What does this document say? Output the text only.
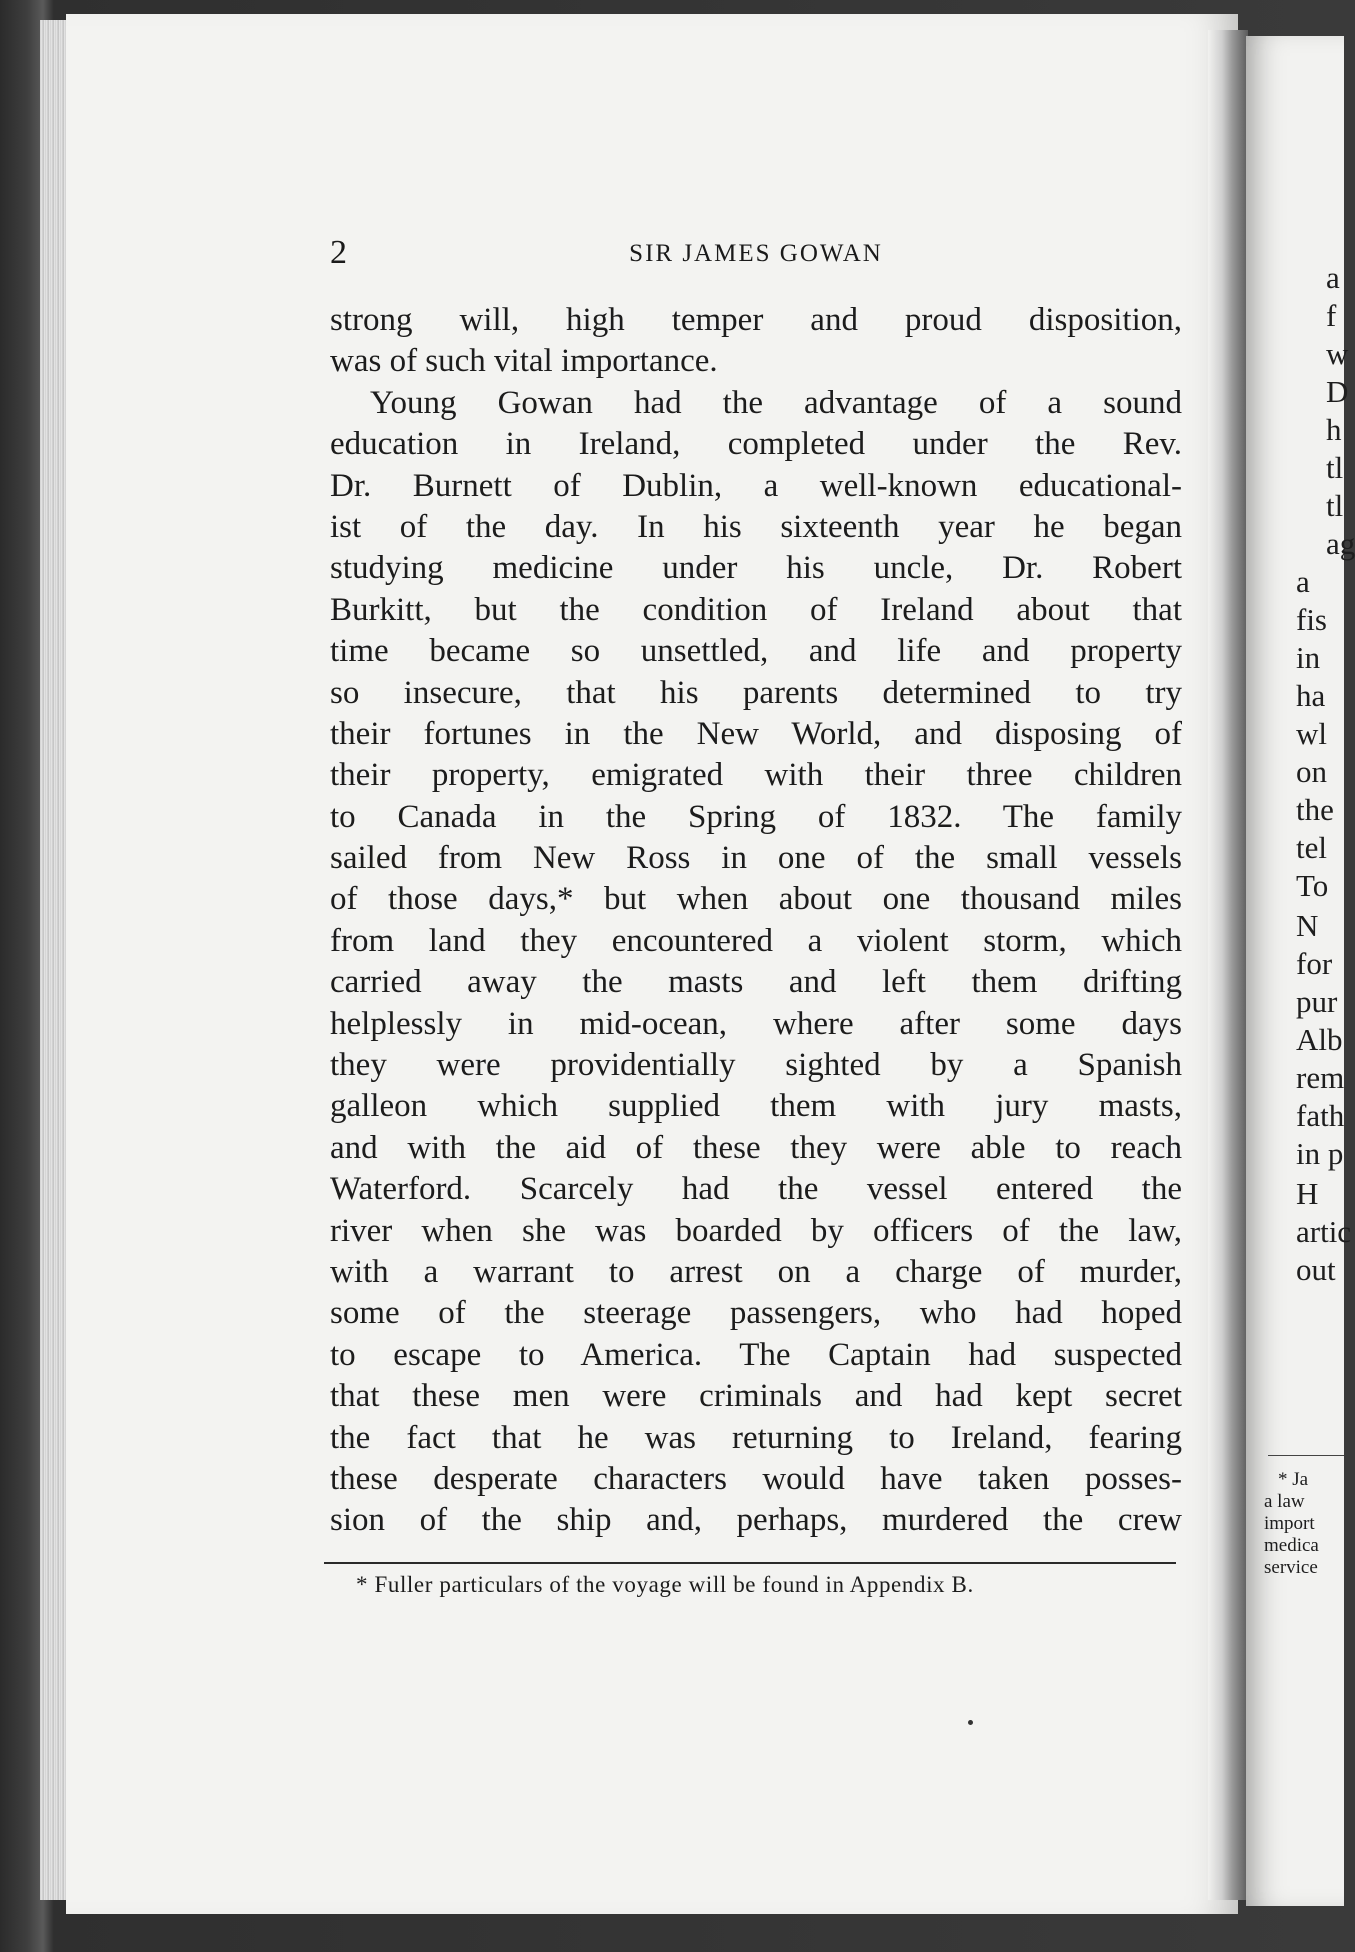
a
f
w
D
h
tl
tl
ag
a
fis
in
ha
wl
on
the
tel
To
N
for
pur
Alb
rem
fath
in p
H
artic
out
* Ja
a law
import
medica
service
2	SIR JAMES GOWAN
strong will, high temper and proud disposition,
was of such vital importance.
Young Gowan had the advantage of a sound
education in Ireland, completed under the Rev.
Dr. Burnett of Dublin, a well-known educational-
ist of the day. In his sixteenth year he began
studying medicine under his uncle, Dr. Robert
Burkitt, but the condition of Ireland about that
time became so unsettled, and life and property
so insecure, that his parents determined to try
their fortunes in the New World, and disposing of
their property, emigrated with their three children
to Canada in the Spring of 1832. The family
sailed from New Ross in one of the small vessels
of those days,* but when about one thousand miles
from land they encountered a violent storm, which
carried away the masts and left them drifting
helplessly in mid-ocean, where after some days
they were providentially sighted by a Spanish
galleon which supplied them with jury masts,
and with the aid of these they were able to reach
Waterford. Scarcely had the vessel entered the
river when she was boarded by officers of the law,
with a warrant to arrest on a charge of murder,
some of the steerage passengers, who had hoped
to escape to America. The Captain had suspected
that these men were criminals and had kept secret
the fact that he was returning to Ireland, fearing
these desperate characters would have taken posses-
sion of the ship and, perhaps, murdered the crew
* Fuller particulars of the voyage will be found in Appendix B.
